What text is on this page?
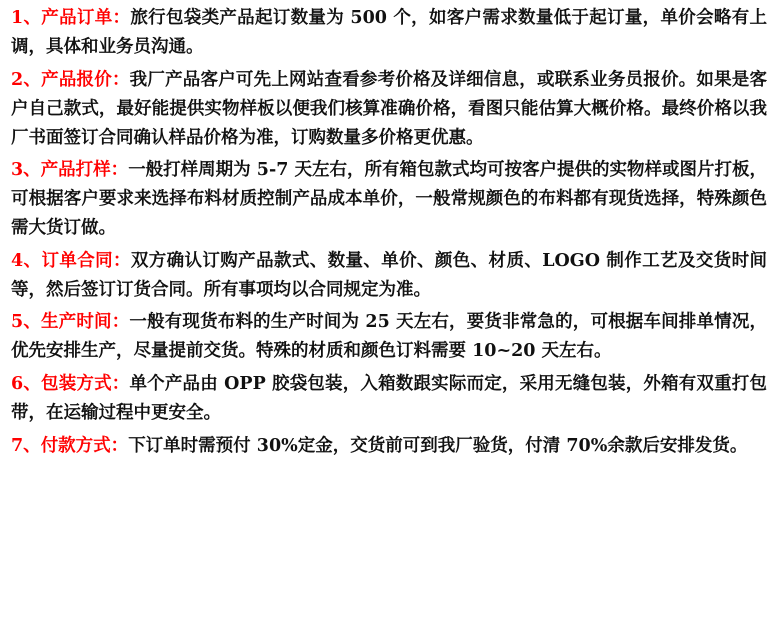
1、产品订单：旅行包袋类产品起订数量为 500 个，如客户需求数量低于起订量，单价会略有上调，具体和业务员沟通。

2、产品报价：我厂产品客户可先上网站查看参考价格及详细信息，或联系业务员报价。如果是客户自己款式，最好能提供实物样板以便我们核算准确价格，看图只能估算大概价格。最终价格以我厂书面签订合同确认样品价格为准，订购数量多价格更优惠。

3、产品打样：一般打样周期为 5-7 天左右，所有箱包款式均可按客户提供的实物样或图片打板，可根据客户要求来选择布料材质控制产品成本单价，一般常规颜色的布料都有现货选择，特殊颜色需大货订做。

4、订单合同：双方确认订购产品款式、数量、单价、颜色、材质、LOGO 制作工艺及交货时间等，然后签订订货合同。所有事项均以合同规定为准。

5、生产时间：一般有现货布料的生产时间为 25 天左右，要货非常急的，可根据车间排单情况，优先安排生产，尽量提前交货。特殊的材质和颜色订料需要 10~20 天左右。

6、包装方式：单个产品由 OPP 胶袋包装，入箱数跟实际而定，采用无缝包装，外箱有双重打包带，在运输过程中更安全。

7、付款方式：下订单时需预付 30%定金，交货前可到我厂验货，付清 70%余款后安排发货。
